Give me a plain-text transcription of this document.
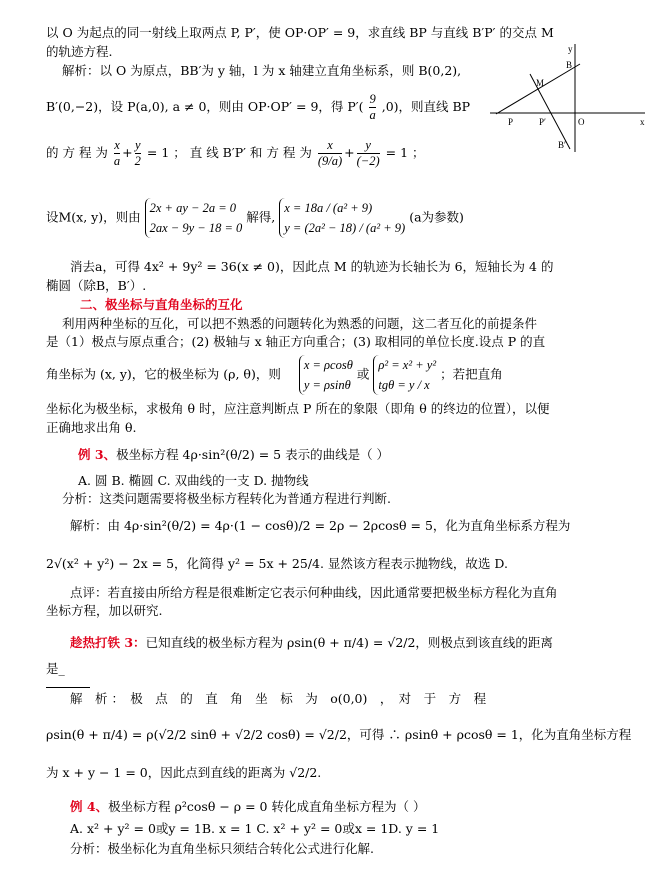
y
B
M
P	P′	O	x
B′
以 O 为起点的同一射线上取两点 P, P′，使 OP·OP′ = 9，求直线 BP 与直线 B′P′ 的交点 M
的轨迹方程.
解析：以 O 为原点，BB′为 y 轴，l 为 x 轴建立直角坐标系，则 B(0,2),
B′(0,−2)，设 P(a,0), a ≠ 0，则由 OP·OP′ = 9，得 $P'( \frac{9}{a} ,0)$，则直线 BP
的 方 程 为 $\frac{x}{a} + \frac{y}{2} = 1$ ； 直 线 B′P′ 和 方 程 为 $\frac{x}{(9/a)} + \frac{y}{(-2)} = 1$ ；
设M(x, y)，则由
2x + ay − 2a = 0
2ax − 9y − 18 = 0
解得,
x = 18a / (a² + 9)
y = (2a² − 18) / (a² + 9)
(a为参数)
消去a，可得 4x² + 9y² = 36(x ≠ 0)，因此点 M 的轨迹为长轴长为 6，短轴长为 4 的
椭圆（除B，B′）.
二、极坐标与直角坐标的互化
利用两种坐标的互化，可以把不熟悉的问题转化为熟悉的问题，这二者互化的前提条件
是（1）极点与原点重合；(2) 极轴与 x 轴正方向重合；(3) 取相同的单位长度.设点 P 的直
角坐标为 (x, y)，它的极坐标为 (ρ, θ)，则
x = ρcosθ
y = ρsinθ
或
ρ² = x² + y²
tgθ = y / x
；若把直角
坐标化为极坐标，求极角 θ 时，应注意判断点 P 所在的象限（即角 θ 的终边的位置），以便
正确地求出角 θ.
例 3、极坐标方程 4ρ·sin²(θ/2) = 5 表示的曲线是（ ）
A. 圆 B. 椭圆 C. 双曲线的一支 D. 抛物线
分析：这类问题需要将极坐标方程转化为普通方程进行判断.
解析：由 4ρ·sin²(θ/2) = 4ρ·(1 − cosθ)/2 = 2ρ − 2ρcosθ = 5，化为直角坐标系方程为
2√(x² + y²) − 2x = 5，化简得 y² = 5x + 25/4. 显然该方程表示抛物线，故选 D.
点评：若直接由所给方程是很难断定它表示何种曲线，因此通常要把极坐标方程化为直角
坐标方程，加以研究.
趁热打铁 3：已知直线的极坐标方程为 ρsin(θ + π/4) = √2/2，则极点到该直线的距离
是_
解　析 ：　极　点　的　直　角　坐　标　为　o(0,0)　，　对　于　方　程
ρsin(θ + π/4) = ρ(√2/2 sinθ + √2/2 cosθ) = √2/2，可得 ∴ ρsinθ + ρcosθ = 1，化为直角坐标方程
为 x + y − 1 = 0，因此点到直线的距离为 √2/2.
例 4、极坐标方程 ρ²cosθ − ρ = 0 转化成直角坐标方程为（ ）
A. x² + y² = 0或y = 1B. x = 1 C. x² + y² = 0或x = 1D. y = 1
分析：极坐标化为直角坐标只须结合转化公式进行化解.
